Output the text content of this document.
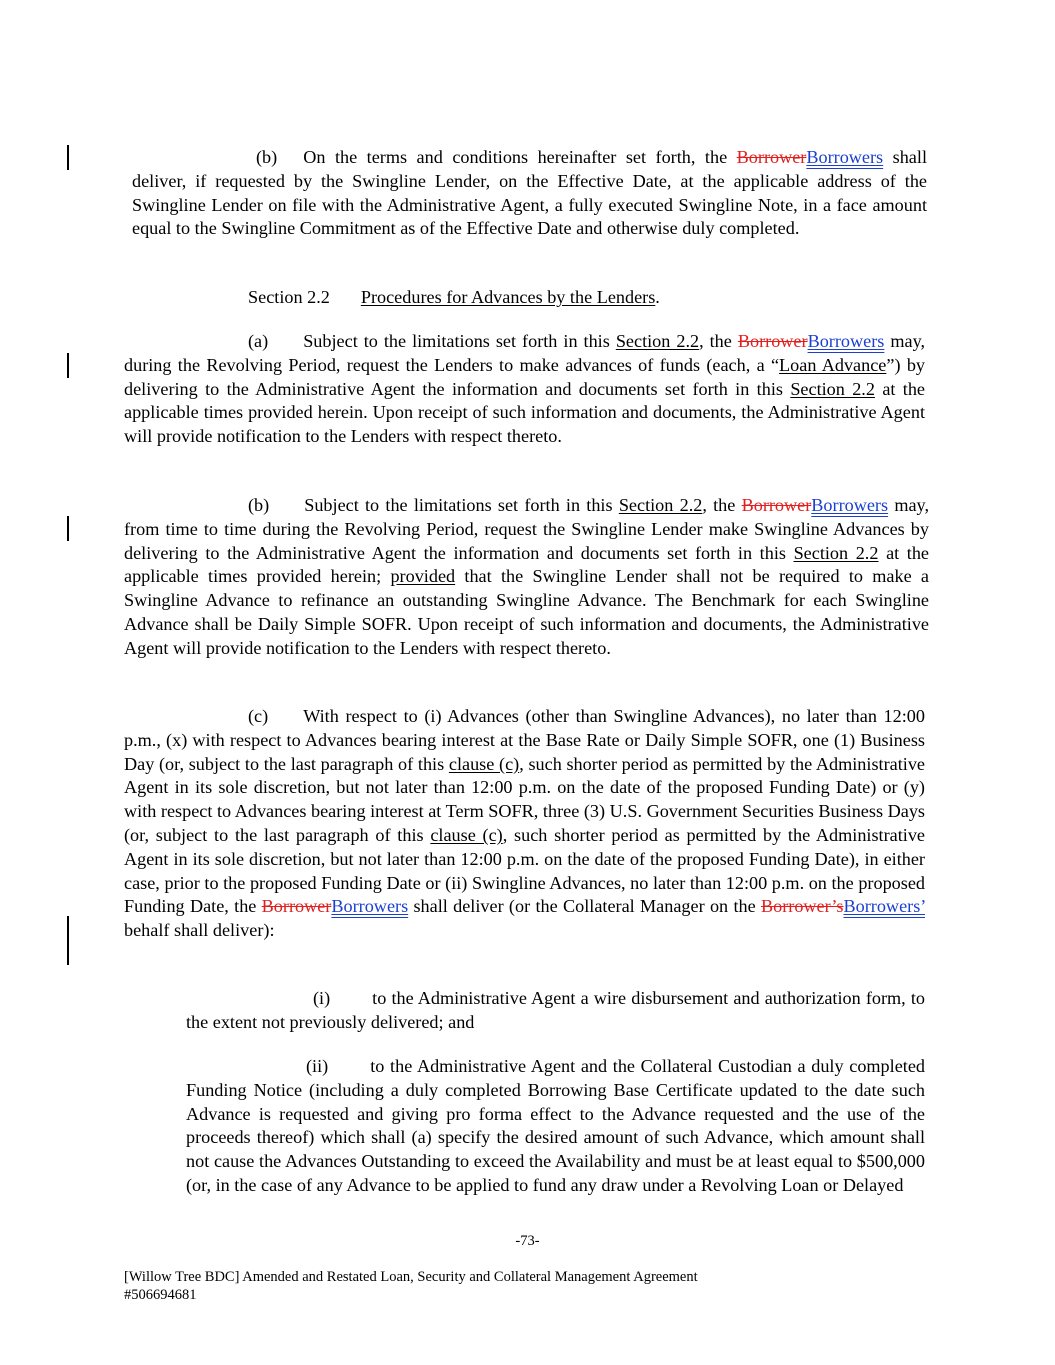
(b) On the terms and conditions hereinafter set forth, the BorrowerBorrowers shall deliver, if requested by the Swingline Lender, on the Effective Date, at the applicable address of the Swingline Lender on file with the Administrative Agent, a fully executed Swingline Note, in a face amount equal to the Swingline Commitment as of the Effective Date and otherwise duly completed.
Section 2.2 Procedures for Advances by the Lenders.
(a) Subject to the limitations set forth in this Section 2.2, the BorrowerBorrowers may, during the Revolving Period, request the Lenders to make advances of funds (each, a “Loan Advance”) by delivering to the Administrative Agent the information and documents set forth in this Section 2.2 at the applicable times provided herein. Upon receipt of such information and documents, the Administrative Agent will provide notification to the Lenders with respect thereto.
(b) Subject to the limitations set forth in this Section 2.2, the BorrowerBorrowers may, from time to time during the Revolving Period, request the Swingline Lender make Swingline Advances by delivering to the Administrative Agent the information and documents set forth in this Section 2.2 at the applicable times provided herein; provided that the Swingline Lender shall not be required to make a Swingline Advance to refinance an outstanding Swingline Advance. The Benchmark for each Swingline Advance shall be Daily Simple SOFR. Upon receipt of such information and documents, the Administrative Agent will provide notification to the Lenders with respect thereto.
(c) With respect to (i) Advances (other than Swingline Advances), no later than 12:00 p.m., (x) with respect to Advances bearing interest at the Base Rate or Daily Simple SOFR, one (1) Business Day (or, subject to the last paragraph of this clause (c), such shorter period as permitted by the Administrative Agent in its sole discretion, but not later than 12:00 p.m. on the date of the proposed Funding Date) or (y) with respect to Advances bearing interest at Term SOFR, three (3) U.S. Government Securities Business Days (or, subject to the last paragraph of this clause (c), such shorter period as permitted by the Administrative Agent in its sole discretion, but not later than 12:00 p.m. on the date of the proposed Funding Date), in either case, prior to the proposed Funding Date or (ii) Swingline Advances, no later than 12:00 p.m. on the proposed Funding Date, the BorrowerBorrowers shall deliver (or the Collateral Manager on the Borrower’sBorrowers’ behalf shall deliver):
(i) to the Administrative Agent a wire disbursement and authorization form, to the extent not previously delivered; and
(ii) to the Administrative Agent and the Collateral Custodian a duly completed Funding Notice (including a duly completed Borrowing Base Certificate updated to the date such Advance is requested and giving pro forma effect to the Advance requested and the use of the proceeds thereof) which shall (a) specify the desired amount of such Advance, which amount shall not cause the Advances Outstanding to exceed the Availability and must be at least equal to $500,000 (or, in the case of any Advance to be applied to fund any draw under a Revolving Loan or Delayed
-73-
[Willow Tree BDC] Amended and Restated Loan, Security and Collateral Management Agreement
#506694681
